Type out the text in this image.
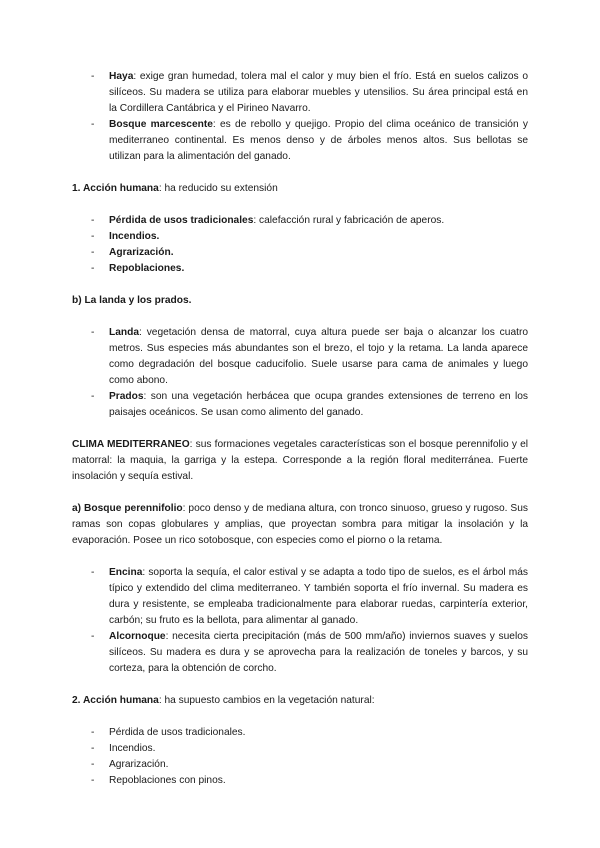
- Haya: exige gran humedad, tolera mal el calor y muy bien el frío. Está en suelos calizos o silíceos. Su madera se utiliza para elaborar muebles y utensilios. Su área principal está en la Cordillera Cantábrica y el Pirineo Navarro.
- Bosque marcescente: es de rebollo y quejigo. Propio del clima oceánico de transición y mediterraneo continental. Es menos denso y de árboles menos altos. Sus bellotas se utilizan para la alimentación del ganado.

1. Acción humana: ha reducido su extensión

- Pérdida de usos tradicionales: calefacción rural y fabricación de aperos.
- Incendios.
- Agrarización.
- Repoblaciones.

b) La landa y los prados.

- Landa: vegetación densa de matorral, cuya altura puede ser baja o alcanzar los cuatro metros. Sus especies más abundantes son el brezo, el tojo y la retama. La landa aparece como degradación del bosque caducifolio. Suele usarse para cama de animales y luego como abono.
- Prados: son una vegetación herbácea que ocupa grandes extensiones de terreno en los paisajes oceánicos. Se usan como alimento del ganado.

CLIMA MEDITERRANEO: sus formaciones vegetales características son el bosque perennifolio y el matorral: la maquia, la garriga y la estepa. Corresponde a la región floral mediterránea. Fuerte insolación y sequía estival.

a) Bosque perennifolio: poco denso y de mediana altura, con tronco sinuoso, grueso y rugoso. Sus ramas son copas globulares y amplias, que proyectan sombra para mitigar la insolación y la evaporación. Posee un rico sotobosque, con especies como el piorno o la retama.

- Encina: soporta la sequía, el calor estival y se adapta a todo tipo de suelos, es el árbol más típico y extendido del clima mediterraneo. Y también soporta el frío invernal. Su madera es dura y resistente, se empleaba tradicionalmente para elaborar ruedas, carpintería exterior, carbón; su fruto es la bellota, para alimentar al ganado.
- Alcornoque: necesita cierta precipitación (más de 500 mm/año) inviernos suaves y suelos silíceos. Su madera es dura y se aprovecha para la realización de toneles y barcos, y su corteza, para la obtención de corcho.

2. Acción humana: ha supuesto cambios en la vegetación natural:

- Pérdida de usos tradicionales.
- Incendios.
- Agrarización.
- Repoblaciones con pinos.
